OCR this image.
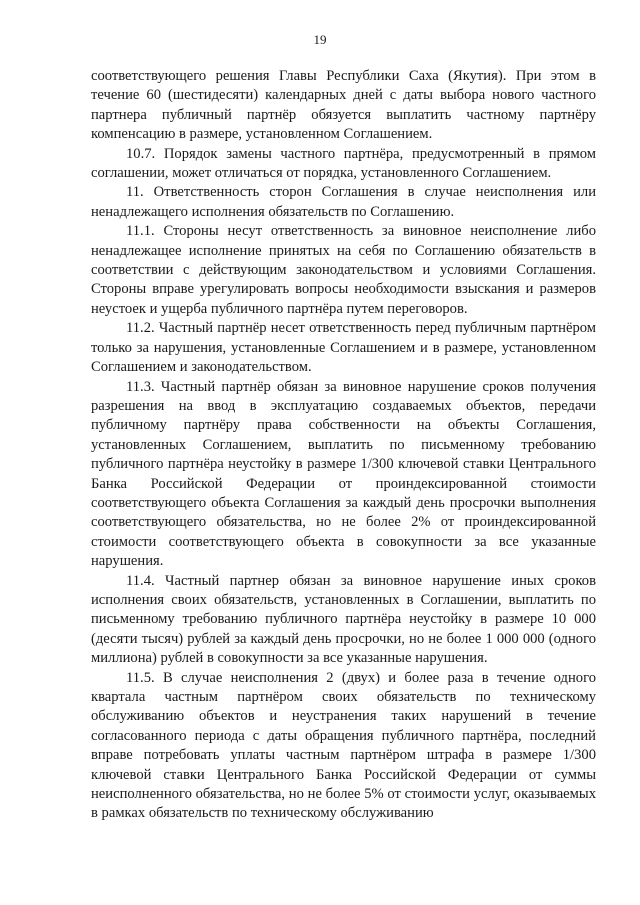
19

соответствующего решения Главы Республики Саха (Якутия). При этом в течение 60 (шестидесяти) календарных дней с даты выбора нового частного партнера публичный партнёр обязуется выплатить частному партнёру компенсацию в размере, установленном Соглашением.

10.7. Порядок замены частного партнёра, предусмотренный в прямом соглашении, может отличаться от порядка, установленного Соглашением.

11. Ответственность сторон Соглашения в случае неисполнения или ненадлежащего исполнения обязательств по Соглашению.

11.1. Стороны несут ответственность за виновное неисполнение либо ненадлежащее исполнение принятых на себя по Соглашению обязательств в соответствии с действующим законодательством и условиями Соглашения. Стороны вправе урегулировать вопросы необходимости взыскания и размеров неустоек и ущерба публичного партнёра путем переговоров.

11.2. Частный партнёр несет ответственность перед публичным партнёром только за нарушения, установленные Соглашением и в размере, установленном Соглашением и законодательством.

11.3. Частный партнёр обязан за виновное нарушение сроков получения разрешения на ввод в эксплуатацию создаваемых объектов, передачи публичному партнёру права собственности на объекты Соглашения, установленных Соглашением, выплатить по письменному требованию публичного партнёра неустойку в размере 1/300 ключевой ставки Центрального Банка Российской Федерации от проиндексированной стоимости соответствующего объекта Соглашения за каждый день просрочки выполнения соответствующего обязательства, но не более 2% от проиндексированной стоимости соответствующего объекта в совокупности за все указанные нарушения.

11.4. Частный партнер обязан за виновное нарушение иных сроков исполнения своих обязательств, установленных в Соглашении, выплатить по письменному требованию публичного партнёра неустойку в размере 10 000 (десяти тысяч) рублей за каждый день просрочки, но не более 1 000 000 (одного миллиона) рублей в совокупности за все указанные нарушения.

11.5. В случае неисполнения 2 (двух) и более раза в течение одного квартала частным партнёром своих обязательств по техническому обслуживанию объектов и неустранения таких нарушений в течение согласованного периода с даты обращения публичного партнёра, последний вправе потребовать уплаты частным партнёром штрафа в размере 1/300 ключевой ставки Центрального Банка Российской Федерации от суммы неисполненного обязательства, но не более 5% от стоимости услуг, оказываемых в рамках обязательств по техническому обслуживанию
